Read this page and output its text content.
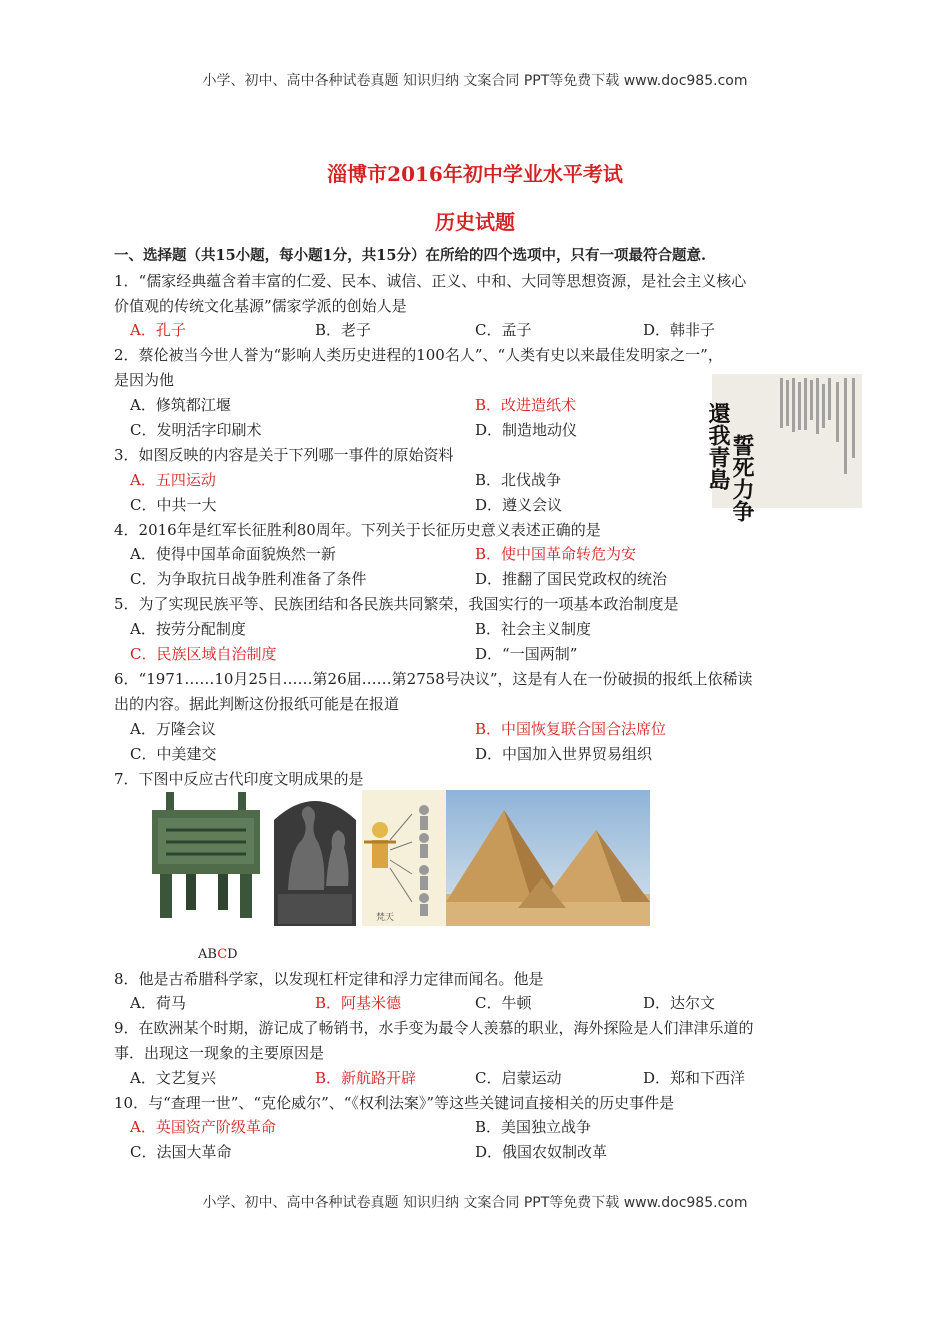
小学、初中、高中各种试卷真题 知识归纳 文案合同 PPT等免费下载 www.doc985.com
淄博市2016年初中学业水平考试
历史试题
一、选择题（共15小题，每小题1分，共15分）在所给的四个选项中，只有一项最符合题意.
1．“儒家经典蕴含着丰富的仁爱、民本、诚信、正义、中和、大同等思想资源，是社会主义核心
价值观的传统文化基源”儒家学派的创始人是
A．孔子	B．老子	C．孟子	D．韩非子
2．蔡伦被当今世人誉为“影响人类历史进程的100名人”、“人类有史以来最佳发明家之一”，
是因为他
A．修筑都江堰	B．改进造纸术
C．发明活字印刷术	D．制造地动仪
誓死力争
還我青島
3．如图反映的内容是关于下列哪一事件的原始资料
A．五四运动	B．北伐战争
C．中共一大	D．遵义会议
4．2016年是红军长征胜利80周年。下列关于长征历史意义表述正确的是
A．使得中国革命面貌焕然一新	B．使中国革命转危为安
C．为争取抗日战争胜利准备了条件	D．推翻了国民党政权的统治
5．为了实现民族平等、民族团结和各民族共同繁荣，我国实行的一项基本政治制度是
A．按劳分配制度	B．社会主义制度
C．民族区域自治制度	D．“一国两制”
6．“1971……10月25日……第26届……第2758号决议”，这是有人在一份破损的报纸上依稀读
出的内容。据此判断这份报纸可能是在报道
A．万隆会议	B．中国恢复联合国合法席位
C．中美建交	D．中国加入世界贸易组织
7．下图中反应古代印度文明成果的是
梵天
ABCD
8．他是古希腊科学家，以发现杠杆定律和浮力定律而闻名。他是
A．荷马	B．阿基米德	C．牛顿	D．达尔文
9．在欧洲某个时期，游记成了畅销书，水手变为最令人羡慕的职业，海外探险是人们津津乐道的
事．出现这一现象的主要原因是
A．文艺复兴	B．新航路开辟	C．启蒙运动	D．郑和下西洋
10．与“查理一世”、“克伦威尔”、“《权利法案》”等这些关键词直接相关的历史事件是
A．英国资产阶级革命	B．美国独立战争
C．法国大革命	D．俄国农奴制改革
小学、初中、高中各种试卷真题 知识归纳 文案合同 PPT等免费下载 www.doc985.com
